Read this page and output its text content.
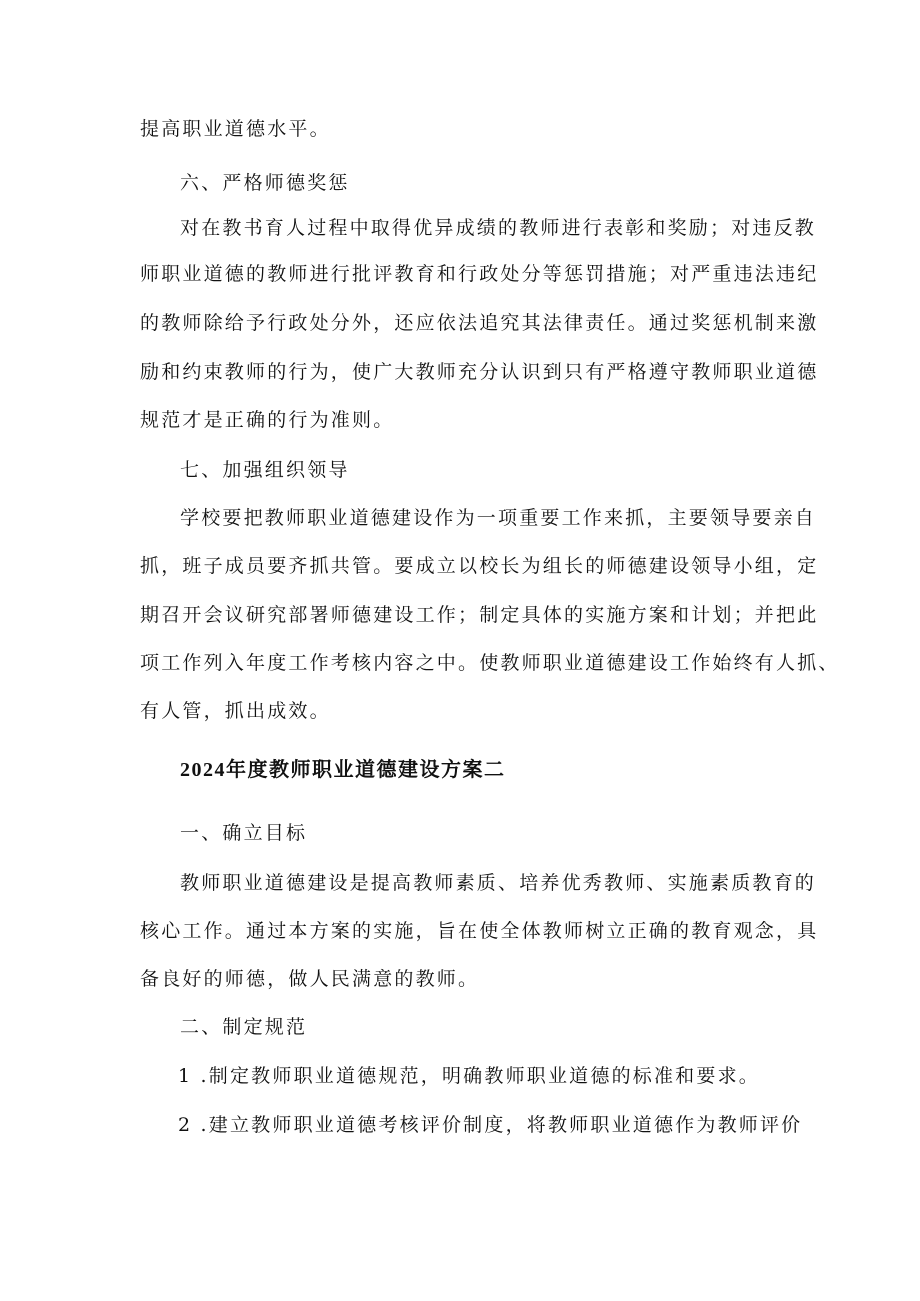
提高职业道德水平。
六、严格师德奖惩
对在教书育人过程中取得优异成绩的教师进行表彰和奖励；对违反教
师职业道德的教师进行批评教育和行政处分等惩罚措施；对严重违法违纪
的教师除给予行政处分外，还应依法追究其法律责任。通过奖惩机制来激
励和约束教师的行为，使广大教师充分认识到只有严格遵守教师职业道德
规范才是正确的行为准则。
七、加强组织领导
学校要把教师职业道德建设作为一项重要工作来抓，主要领导要亲自
抓，班子成员要齐抓共管。要成立以校长为组长的师德建设领导小组，定
期召开会议研究部署师德建设工作；制定具体的实施方案和计划；并把此
项工作列入年度工作考核内容之中。使教师职业道德建设工作始终有人抓、
有人管，抓出成效。
2024年度教师职业道德建设方案二
一、确立目标
教师职业道德建设是提高教师素质、培养优秀教师、实施素质教育的
核心工作。通过本方案的实施，旨在使全体教师树立正确的教育观念，具
备良好的师德，做人民满意的教师。
二、制定规范
1 .制定教师职业道德规范，明确教师职业道德的标准和要求。
2 .建立教师职业道德考核评价制度，将教师职业道德作为教师评价
